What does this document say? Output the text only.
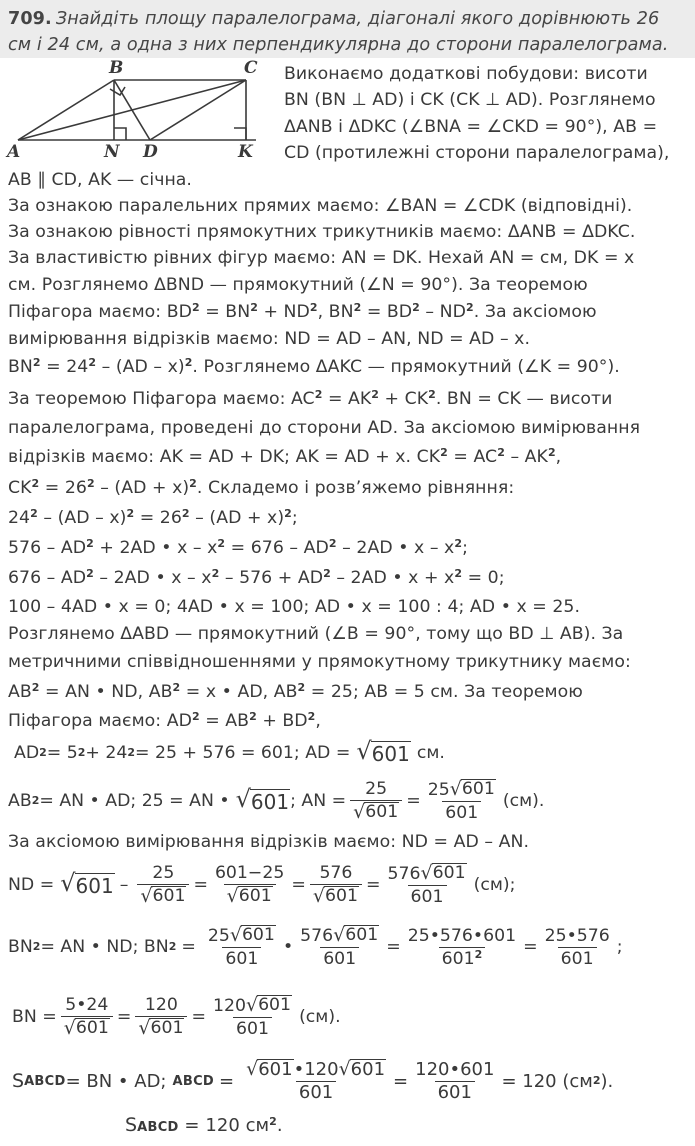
709. Знайдіть площу паралелограма, діагоналі якого дорівнюють 26
см і 24 см, а одна з них перпендикулярна до сторони паралелограма.
A
B	C
N D	K
Виконаємо додаткові побудови: висоти
BN (BN ⊥ AD) і CK (CK ⊥ AD). Розглянемо
ΔANB і ΔDKC (∠BNA = ∠CKD = 90°), AB =
CD (протилежні сторони паралелограма),
AB ∥ CD, AK — січна.
За ознакою паралельних прямих маємо: ∠BAN = ∠CDK (відповідні).
За ознакою рівності прямокутних трикутників маємо: ΔANB = ΔDKC.
За властивістю рівних фігур маємо: AN = DK. Нехай AN = см, DK = x
см. Розглянемо ΔBND — прямокутний (∠N = 90°). За теоремою
Піфагора маємо: $BD^2 = BN^2 + ND^2$, $BN^2 = BD^2 - ND^2$. За аксіомою
вимірювання відрізків маємо: ND = AD – AN, ND = AD – x.
$BN^2 = 24^2 - (AD - x)^2$. Розглянемо ΔAKC — прямокутний (∠K = 90°).
За теоремою Піфагора маємо: $AC^2 = AK^2 + CK^2$. BN = CK — висоти
паралелограма, проведені до сторони AD. За аксіомою вимірювання
відрізків маємо: AK = AD + DK; AK = AD + x. $CK^2 = AC^2 - AK^2$,
$CK^2 = 26^2 - (AD + x)^2$. Складемо і розв’яжемо рівняння:
$24^2 - (AD - x)^2 = 26^2 - (AD + x)^2$;
$576 - AD^2 + 2AD$ • $x - x^2 = 676 - AD^2 - 2AD$ • x – $x^2$;
$676 - AD^2 - 2AD$ • $x - x^2 - 576 + AD^2 - 2AD$ • $x + x^2 = 0$;
100 – 4AD • x = 0; 4AD • x = 100; AD • x = 100 : 4; AD • x = 25.
Розглянемо ΔABD — прямокутний (∠B = 90°, тому що BD ⊥ AB). За
метричними співвідношеннями у прямокутному трикутнику маємо:
$AB^2$ = AN • ND, $AB^2 = x$ • AD, $AB^2 = 25$; AB = 5 см. За теоремою
Піфагора маємо: $AD^2 = AB^2 + BD^2$,
AD 2 = 5 2 + 24 2 = 25 + 576 = 601; AD = √ 601 см.
AB 2 = AN • AD; 25 = AN • √ 601 ; AN = $\frac{25}{√ 601} = \frac{25 √ 601}{601} (см)$.
За аксіомою вимірювання відрізків маємо: ND = AD – AN.
ND = √ $601 - \frac{25}{√ 601} = \frac{601-25}{√ 601} = \frac{576}{√ 601} = \frac{576 √ 601}{601} (см)$;
BN 2 = AN • ND; BN $2 = \frac{25 √ 601}{601}$ • $\frac{576 √ 601}{601} = \frac{25•576•601}{601^2} = \frac{25•576}{601}$ ;
BN = $\frac{5•24}{√ 601} = \frac{120}{√ 601} = \frac{120 √ 601}{601} (см)$.
S ABCD = BN • AD; ABCD = $\frac{√ 601 •120 √ 601}{601} = \frac{120•601}{601} = 120$ (см 2 ).
SABCD = 120 $см^2$.
